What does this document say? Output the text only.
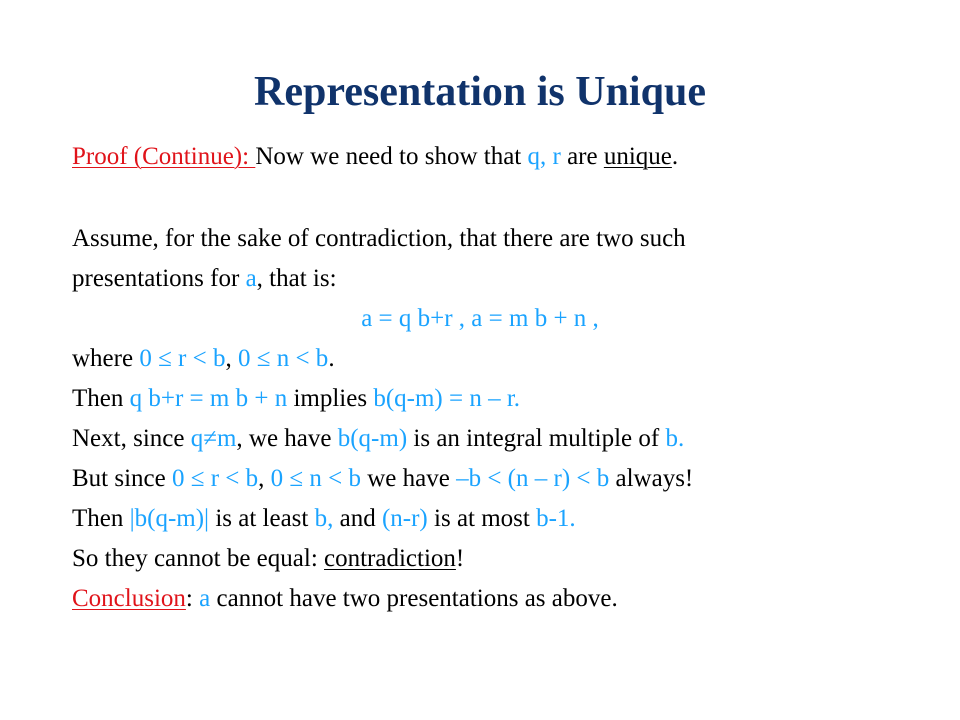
Representation is Unique
Proof (Continue): Now we need to show that q, r are unique.
Assume, for the sake of contradiction, that there are two such
presentations for a, that is:
a = q b+r , a = m b + n ,
where 0 ≤ r < b, 0 ≤ n < b.
Then q b+r = m b + n implies b(q-m) = n – r.
Next, since q≠m, we have b(q-m) is an integral multiple of b.
But since 0 ≤ r < b, 0 ≤ n < b we have –b < (n – r) < b always!
Then |b(q-m)| is at least b, and (n-r) is at most b-1.
So they cannot be equal: contradiction!
Conclusion: a cannot have two presentations as above.
